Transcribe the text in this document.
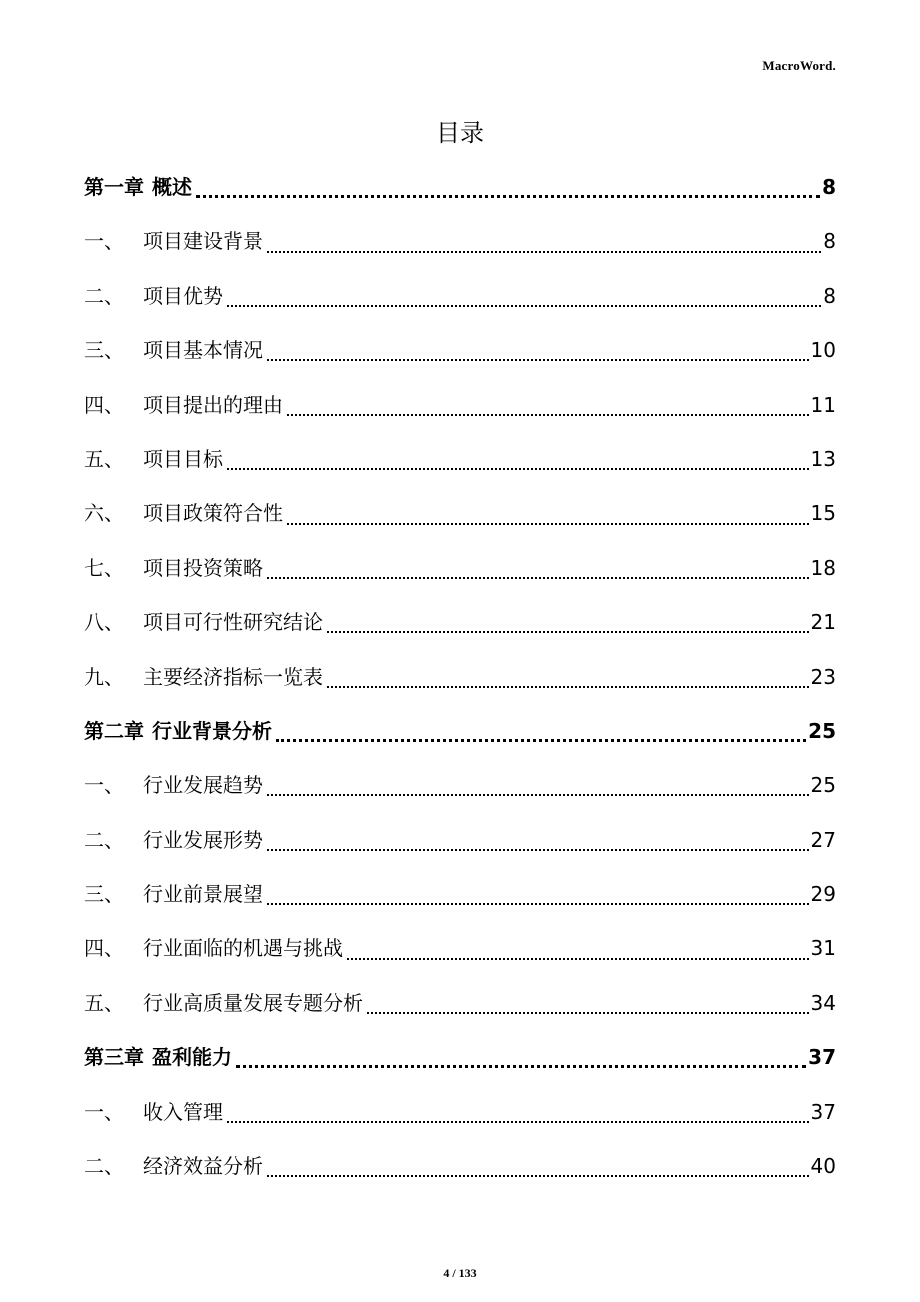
MacroWord.
目录
第一章 概述	8
一、 项目建设背景	8
二、 项目优势	8
三、 项目基本情况	10
四、 项目提出的理由	11
五、 项目目标	13
六、 项目政策符合性	15
七、 项目投资策略	18
八、 项目可行性研究结论	21
九、 主要经济指标一览表	23
第二章 行业背景分析	25
一、 行业发展趋势	25
二、 行业发展形势	27
三、 行业前景展望	29
四、 行业面临的机遇与挑战	31
五、 行业高质量发展专题分析	34
第三章 盈利能力	37
一、 收入管理	37
二、 经济效益分析	40
4 / 133
